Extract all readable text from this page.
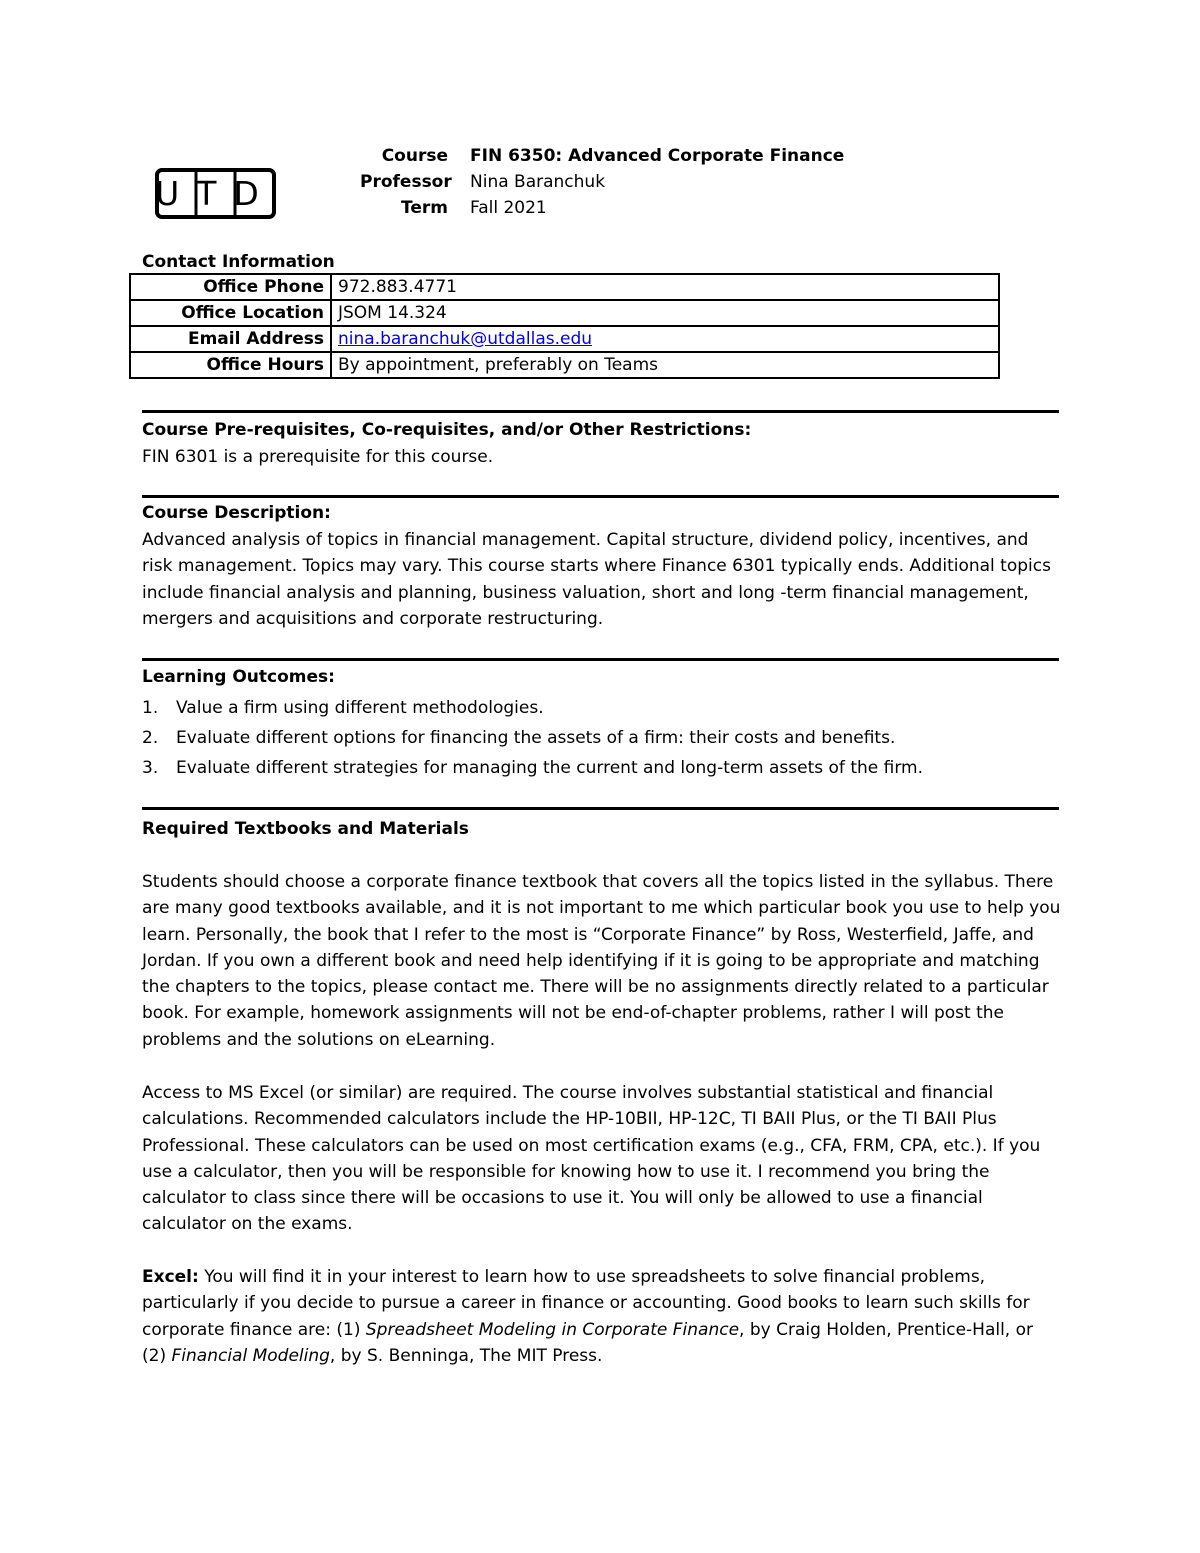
UTD
Course FIN 6350: Advanced Corporate Finance
Professor Nina Baranchuk
Term Fall 2021
Contact Information
Office Phone	972.883.4771
Office Location	JSOM 14.324
Email Address	nina.baranchuk@utdallas.edu
Office Hours	By appointment, preferably on Teams
Course Pre-requisites, Co-requisites, and/or Other Restrictions:

FIN 6301 is a prerequisite for this course.

Course Description:

Advanced analysis of topics in financial management. Capital structure, dividend policy, incentives, and risk management. Topics may vary. This course starts where Finance 6301 typically ends. Additional topics include financial analysis and planning, business valuation, short and long -term financial management, mergers and acquisitions and corporate restructuring.

Learning Outcomes:
1. Value a firm using different methodologies.
2. Evaluate different options for financing the assets of a firm: their costs and benefits.
3. Evaluate different strategies for managing the current and long-term assets of the firm.
Required Textbooks and Materials
Students should choose a corporate finance textbook that covers all the topics listed in the syllabus. There are many good textbooks available, and it is not important to me which particular book you use to help you learn. Personally, the book that I refer to the most is “Corporate Finance” by Ross, Westerfield, Jaffe, and Jordan. If you own a different book and need help identifying if it is going to be appropriate and matching the chapters to the topics, please contact me. There will be no assignments directly related to a particular book. For example, homework assignments will not be end-of-chapter problems, rather I will post the problems and the solutions on eLearning.
Access to MS Excel (or similar) are required. The course involves substantial statistical and financial calculations. Recommended calculators include the HP-10BII, HP-12C, TI BAII Plus, or the TI BAII Plus Professional. These calculators can be used on most certification exams (e.g., CFA, FRM, CPA, etc.). If you use a calculator, then you will be responsible for knowing how to use it. I recommend you bring the calculator to class since there will be occasions to use it. You will only be allowed to use a financial calculator on the exams.
Excel: You will find it in your interest to learn how to use spreadsheets to solve financial problems, particularly if you decide to pursue a career in finance or accounting. Good books to learn such skills for corporate finance are: (1) Spreadsheet Modeling in Corporate Finance, by Craig Holden, Prentice-Hall, or (2) Financial Modeling, by S. Benninga, The MIT Press.
